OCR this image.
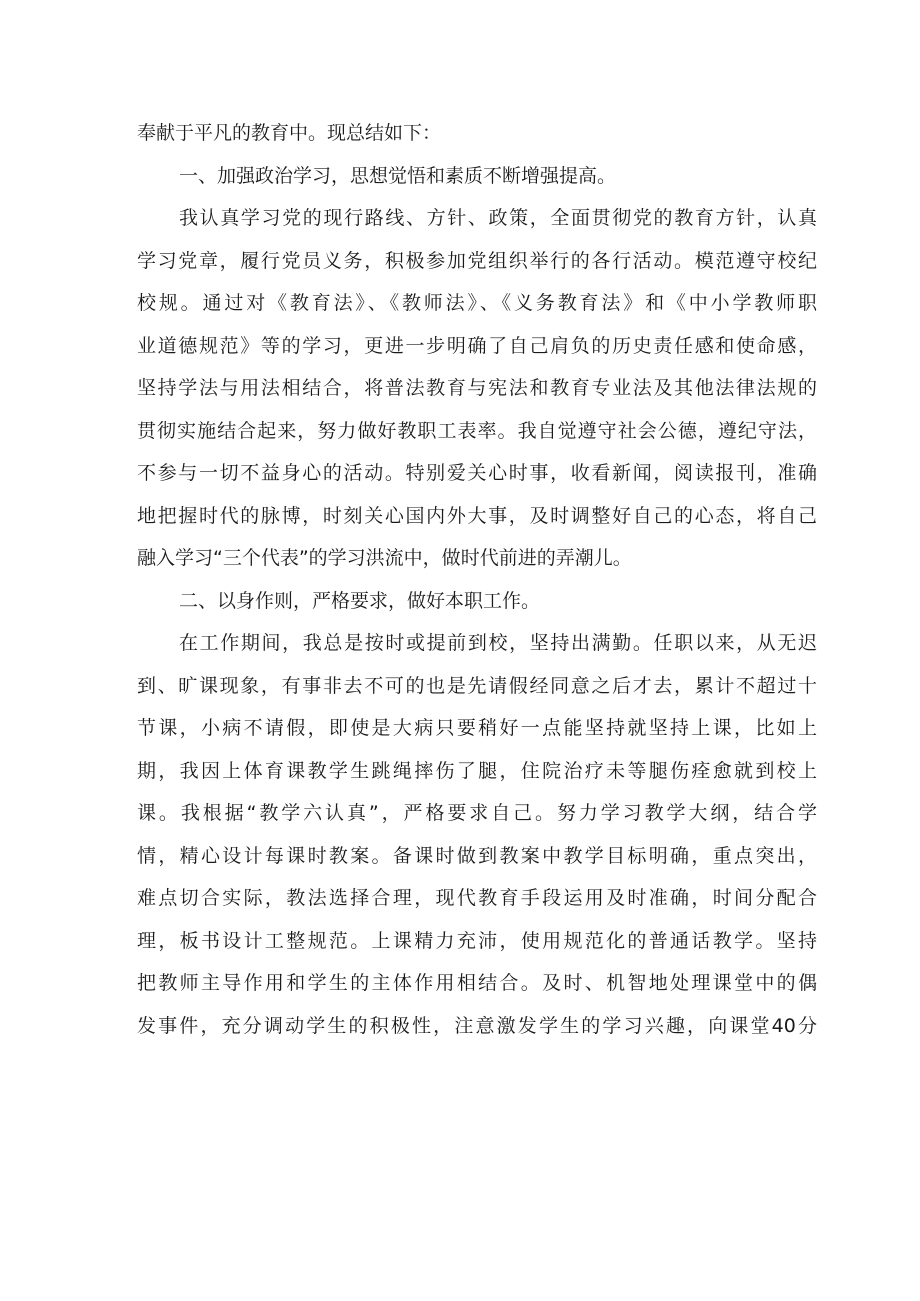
奉献于平凡的教育中。现总结如下：
一、加强政治学习，思想觉悟和素质不断增强提高。
我认真学习党的现行路线、方针、政策，全面贯彻党的教育方针，认真
学习党章，履行党员义务，积极参加党组织举行的各行活动。模范遵守校纪
校规。通过对《教育法》、《教师法》、《义务教育法》和《中小学教师职
业道德规范》等的学习，更进一步明确了自己肩负的历史责任感和使命感，
坚持学法与用法相结合，将普法教育与宪法和教育专业法及其他法律法规的
贯彻实施结合起来，努力做好教职工表率。我自觉遵守社会公德，遵纪守法，
不参与一切不益身心的活动。特别爱关心时事，收看新闻，阅读报刊，准确
地把握时代的脉博，时刻关心国内外大事，及时调整好自己的心态，将自己
融入学习“三个代表”的学习洪流中，做时代前进的弄潮儿。
二、以身作则，严格要求，做好本职工作。
在工作期间，我总是按时或提前到校，坚持出满勤。任职以来，从无迟
到、旷课现象，有事非去不可的也是先请假经同意之后才去，累计不超过十
节课，小病不请假，即使是大病只要稍好一点能坚持就坚持上课，比如上
期，我因上体育课教学生跳绳摔伤了腿，住院治疗未等腿伤痊愈就到校上
课。我根据“教学六认真”，严格要求自己。努力学习教学大纲，结合学
情，精心设计每课时教案。备课时做到教案中教学目标明确，重点突出，
难点切合实际，教法选择合理，现代教育手段运用及时准确，时间分配合
理，板书设计工整规范。上课精力充沛，使用规范化的普通话教学。坚持
把教师主导作用和学生的主体作用相结合。及时、机智地处理课堂中的偶
发事件，充分调动学生的积极性，注意激发学生的学习兴趣，向课堂40分
